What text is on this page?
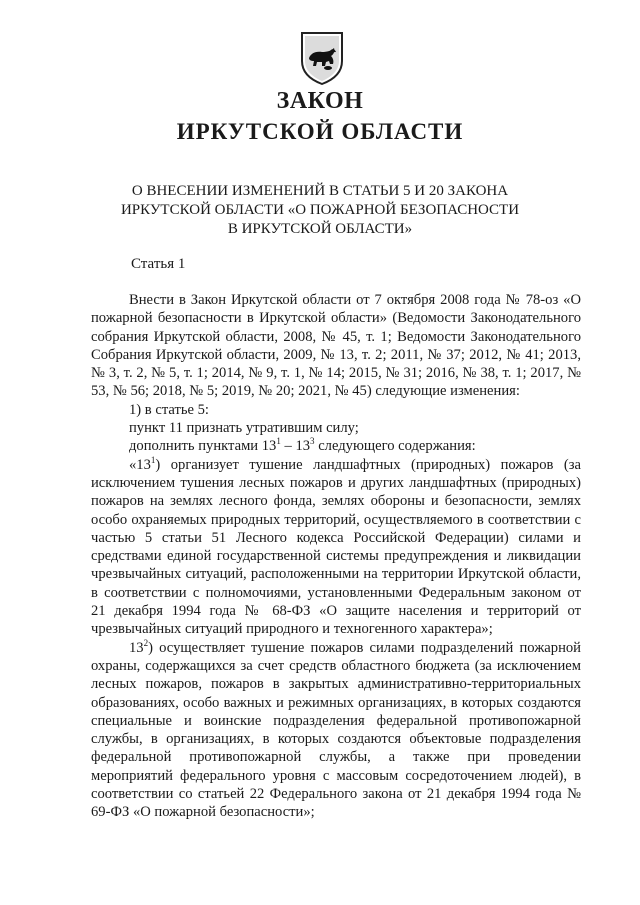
ЗАКОН
ИРКУТСКОЙ ОБЛАСТИ
О ВНЕСЕНИИ ИЗМЕНЕНИЙ В СТАТЬИ 5 И 20 ЗАКОНА
ИРКУТСКОЙ ОБЛАСТИ «О ПОЖАРНОЙ БЕЗОПАСНОСТИ
В ИРКУТСКОЙ ОБЛАСТИ»
Статья 1

Внести в Закон Иркутской области от 7 октября 2008 года № 78-оз «О пожарной безопасности в Иркутской области» (Ведомости Законодательного собрания Иркутской области, 2008, № 45, т. 1; Ведомости Законодательного Собрания Иркутской области, 2009, № 13, т. 2; 2011, № 37; 2012, № 41; 2013, № 3, т. 2, № 5, т. 1; 2014, № 9, т. 1, № 14; 2015, № 31; 2016, № 38, т. 1; 2017, № 53, № 56; 2018, № 5; 2019, № 20; 2021, № 45) следующие изменения:

1) в статье 5:

пункт 11 признать утратившим силу;

дополнить пунктами $13^1 - 13^3$ следующего содержания:

«$13^1$) организует тушение ландшафтных (природных) пожаров (за исключением тушения лесных пожаров и других ландшафтных (природных) пожаров на землях лесного фонда, землях обороны и безопасности, землях особо охраняемых природных территорий, осуществляемого в соответствии с частью 5 статьи 51 Лесного кодекса Российской Федерации) силами и средствами единой государственной системы предупреждения и ликвидации чрезвычайных ситуаций, расположенными на территории Иркутской области, в соответствии с полномочиями, установленными Федеральным законом от 21 декабря 1994 года № 68-ФЗ «О защите населения и территорий от чрезвычайных ситуаций природного и техногенного характера»;

$13^2$) осуществляет тушение пожаров силами подразделений пожарной охраны, содержащихся за счет средств областного бюджета (за исключением лесных пожаров, пожаров в закрытых административно-территориальных образованиях, особо важных и режимных организациях, в которых создаются специальные и воинские подразделения федеральной противопожарной службы, в организациях, в которых создаются объектовые подразделения федеральной противопожарной службы, а также при проведении мероприятий федерального уровня с массовым сосредоточением людей), в соответствии со статьей 22 Федерального закона от 21 декабря 1994 года № 69-ФЗ «О пожарной безопасности»;
